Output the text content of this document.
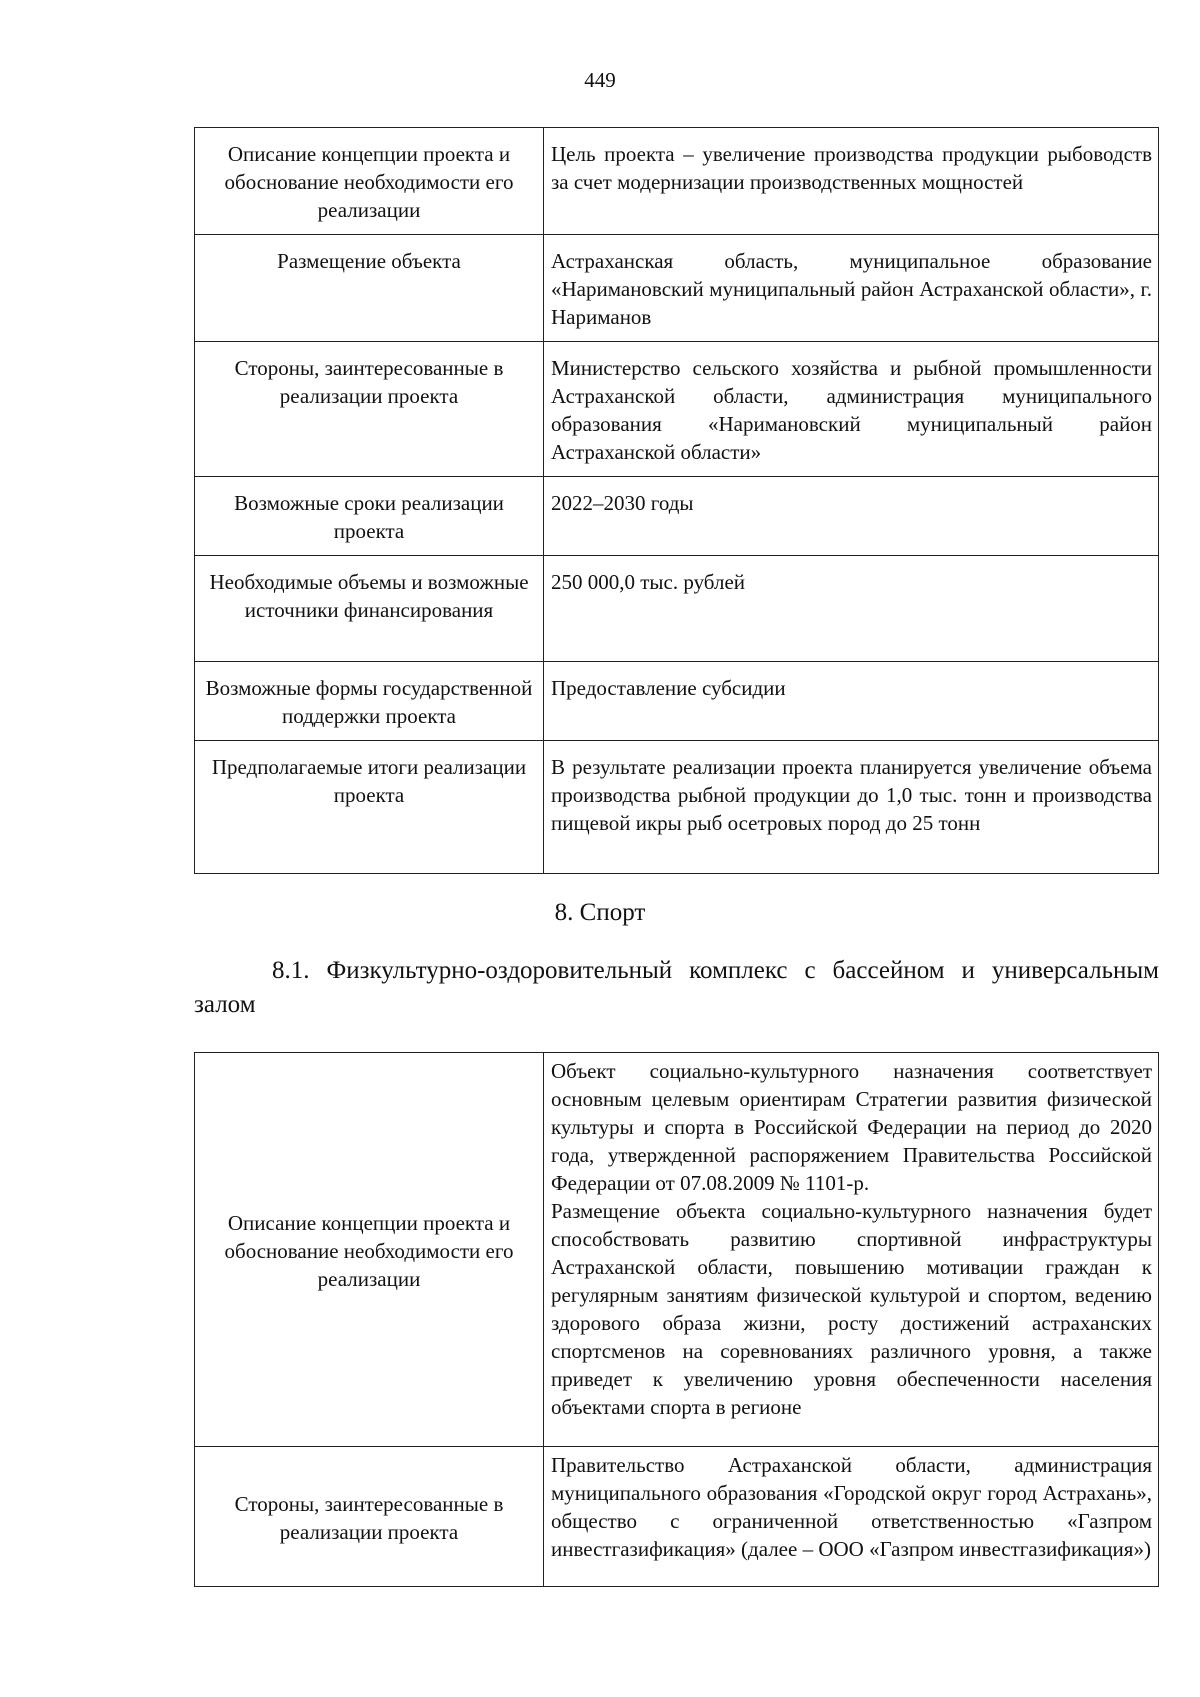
449
Описание концепции проекта и обоснование необходимости его реализации	Цель проекта – увеличение производства продукции рыбоводств за счет модернизации производственных мощностей
Размещение объекта	Астраханская область, муниципальное образование «Наримановский муниципальный район Астраханской области», г. Нариманов
Стороны, заинтересованные в реализации проекта	Министерство сельского хозяйства и рыбной промышленности Астраханской области, администрация муниципального образования «Наримановский муниципальный район Астраханской области»
Возможные сроки реализации проекта	2022–2030 годы
Необходимые объемы и возможные источники финансирования	250 000,0 тыс. рублей
Возможные формы государственной поддержки проекта	Предоставление субсидии
Предполагаемые итоги реализации проекта	В результате реализации проекта планируется увеличение объема производства рыбной продукции до 1,0 тыс. тонн и производства пищевой икры рыб осетровых пород до 25 тонн
8. Спорт
8.1. Физкультурно-оздоровительный комплекс с бассейном и универсальным залом
Описание концепции проекта и обоснование необходимости его реализации	Объект социально-культурного назначения соответствует основным целевым ориентирам Стратегии развития физической культуры и спорта в Российской Федерации на период до 2020 года, утвержденной распоряжением Правительства Российской Федерации от 07.08.2009 № 1101-р.
Размещение объекта социально-культурного назначения будет способствовать развитию спортивной инфраструктуры Астраханской области, повышению мотивации граждан к регулярным занятиям физической культурой и спортом, ведению здорового образа жизни, росту достижений астраханских спортсменов на соревнованиях различного уровня, а также приведет к увеличению уровня обеспеченности населения объектами спорта в регионе

Стороны, заинтересованные в реализации проекта	Правительство Астраханской области, администрация муниципального образования «Городской округ город Астрахань», общество с ограниченной ответственностью «Газпром инвестгазификация» (далее – ООО «Газпром инвестгазификация»)
